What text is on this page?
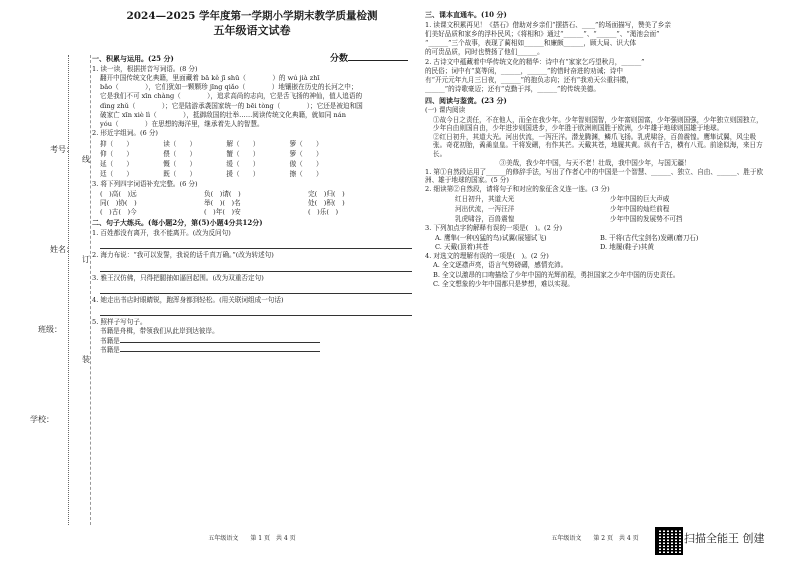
考号：
姓名：
班级：
学校：
线
订
装
2024—2025 学年度第一学期小学期末教学质量检测
五年级语文试卷
分数
一、积累与运用。(25 分)
1. 读一读，根据拼音写词语。(8 分)
翻开中国传统文化典籍，里面藏着 bā kě jī shū（　　　　）的 wú jià zhī
bǎo（　　　　），它们犹如一颗颗珍 jīng qiǎo（　　　　）地镶嵌在历史的长河之中；
它是我们不可 xīn chàng（　　　　），追求高尚的志向，它是舌飞扬的神仙，值人追语的
dìng zhǔ（　　　　）；它是陆游承袭国家统一的 bēi tòng（　　　　）；它还是被迫和国
破家亡 xīn xiè lì（　　　　），抵御敌国的壮举……阅读传统文化典籍，就如同 nán
yóu（　　　　）在思想的海洋里，继承着先人的智慧。
2. 形近字组词。(6 分)
抑（　　）	读（　　）	解（　　）	箩（　　）
仰（　　）	偎（　　）	蟹（　　）	箩（　　）
延（　　）	慨（　　）	缓（　　）	傲（　　）
廷（　　）	既（　　）	援（　　）	擦（　　）
3. 将下列四字词语补充完整。(6 分)
(　)高(　)远	负(　)请(　)	完(　)归(　)
同(　)协(　)	举(　)(　)名	处(　)积(　)
(　)古(　)今	(　)年(　)安	(　)乐(　)
二、句子大练兵。(每小题2分，第(5)小题4分共12分)
1. 百姓都没有离开，我不能离开。(改为反问句)
2. 海力布说：“我可以发誓，我说的话千真万确。”(改为转述句)
3. 雅王汉仿佛，只得把腿抽如逼回起围。(改为双重否定句)
4. 她走出书店时眼睛锐，跑浑身都到轻松。(用关联词组成一句话)
5. 照样子写句子。
书籍是舟楫，带领我们从此岸到达彼岸。
书籍是
书籍是
五年级语文　　第 1 页　共 4 页
三、课本直通车。(10 分)
1. 读课文积累再见！《搭石》借助对乡亲们“摆搭石、____”的场面描写，赞美了乡亲
们美好品质和家乡的浮朴民风；《将相和》通过“______”、“______”、“渑池会面”
“______”三个故事，表现了蔺相如______和廉颇______，顾大局、识大体
的可贵品质，同时也赞扬了他们______。
2. 古诗文中蕴藏着中华传统文化的精华：诗中有“家家乞巧望秋月，______”
的民俗；词中有“莫等闲，______，______”的惜时奋进的劝诫；诗中
有“开元元年九月三日夜，______”的抱负志向；还有“我劝天公重抖擞，
______”的诗歌豪迈；还有“克勤于邦，______”的传统美德。
四、阅读与鉴赏。(23 分)
(一) 课内阅读
①故今日之责任，不在他人，而全在我少年。少年智则国智，少年富则国富，少年强则国强，少年独立则国独立，少年自由则国自由，少年进步则国进步，少年胜于欧洲则国胜于欧洲，少年雄于地球则国雄于地球。
②红日初升，其道大光。河出伏流，一泻汪洋。潜龙腾渊，鳞爪飞扬。乳虎啸谷，百兽震惶。鹰隼试翼，风尘吸张。奇花初胎，矞矞皇皇。干将发硎，有作其芒。天戴其苍，地履其黄。纵有千古，横有八荒。前途似海，来日方长。
③美哉，我少年中国，与天不老！壮哉，我中国少年，与国无疆！
1. 第①自然段运用了______的修辞手法，写出了作者心中的中国是一个智慧、______、独立、自由、______、胜于欧洲、雄于地球的国家。(5 分)
2. 细读第②自然段，请将句子和对应的象征含义连一连。(3 分)
红日初升，其道大光	少年中国的巨大声威
河出伏流，一泻汪洋	少年中国的灿烂前程
乳虎啸谷，百兽震惶	少年中国的发展势不可挡
3. 下列加点字的解释有误的一项是(　)。(2 分)
A. 鹰隼(一种凶猛的鸟)试翼(展翅试飞)	B. 干将(古代宝剑名)发硎(磨刀石)
C. 天戴(顶着)其苍	D. 地履(鞋子)其黄
4. 对选文的理解有误的一项是(　)。(2 分)
A. 全文逐襟声亮，语言气势磅礴，感情充沛。
B. 全文以激昂的口吻描绘了少年中国的光辉前程，勇担国家之少年中国的历史责任。
C. 全文想象的少年中国都只是梦想，难以实现。
五年级语文　　第 2 页　共 4 页	扫描全能王 创建
